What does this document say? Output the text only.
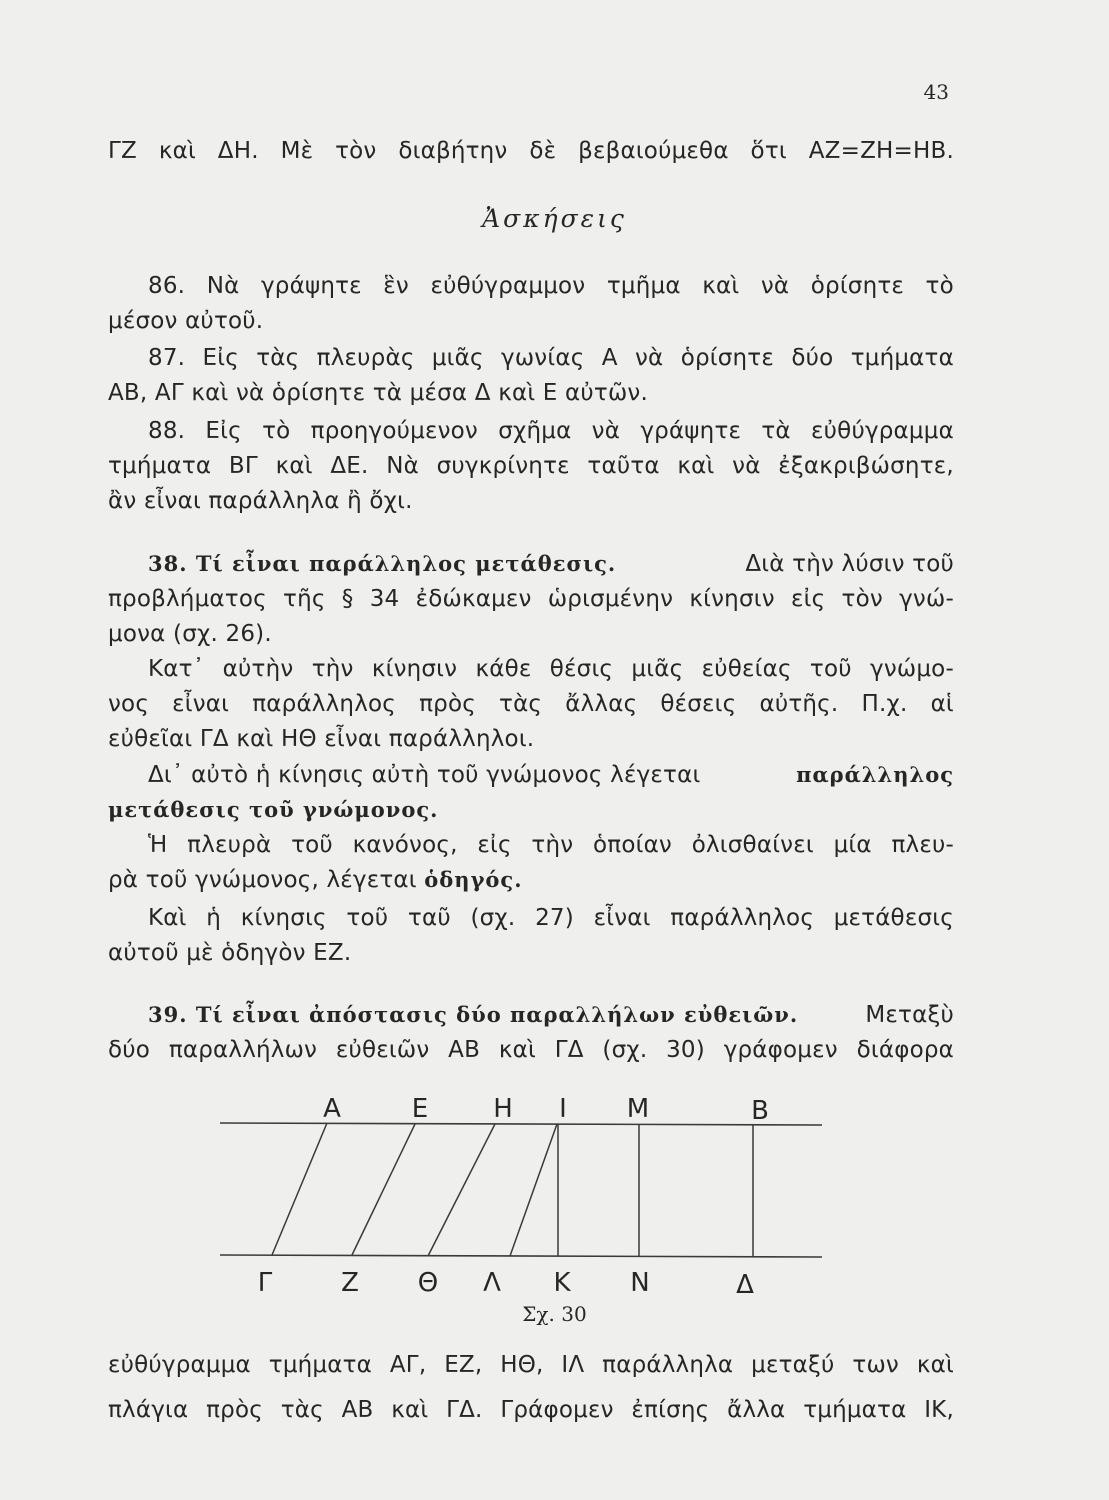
43
ΓΖ καὶ ΔΗ. Μὲ τὸν διαβήτην δὲ βεβαιούμεθα ὅτι ΑΖ=ΖΗ=ΗΒ.
Ἀσκήσεις
86. Νὰ γράψητε ἓν εὐθύγραμμον τμῆμα καὶ νὰ ὁρίσητε τὸ
μέσον αὐτοῦ.
87. Εἰς τὰς πλευρὰς μιᾶς γωνίας Α νὰ ὁρίσητε δύο τμήματα
ΑΒ, ΑΓ καὶ νὰ ὁρίσητε τὰ μέσα Δ καὶ Ε αὐτῶν.
88. Εἰς τὸ προηγούμενον σχῆμα νὰ γράψητε τὰ εὐθύγραμμα
τμήματα ΒΓ καὶ ΔΕ. Νὰ συγκρίνητε ταῦτα καὶ νὰ ἐξακριβώσητε,
ἂν εἶναι παράλληλα ἢ ὄχι.
38. Τί εἶναι παράλληλος μετάθεσις.	Διὰ τὴν λύσιν τοῦ
προβλήματος τῆς § 34 ἐδώκαμεν ὡρισμένην κίνησιν εἰς τὸν γνώ-
μονα (σχ. 26).
Κατ᾽ αὐτὴν τὴν κίνησιν κάθε θέσις μιᾶς εὐθείας τοῦ γνώμο-
νος εἶναι παράλληλος πρὸς τὰς ἄλλας θέσεις αὐτῆς. Π.χ. αἱ
εὐθεῖαι ΓΔ καὶ ΗΘ εἶναι παράλληλοι.
Δι᾽ αὐτὸ ἡ κίνησις αὐτὴ τοῦ γνώμονος λέγεται	παράλληλος
μετάθεσις τοῦ γνώμονος.
Ἡ πλευρὰ τοῦ κανόνος, εἰς τὴν ὁποίαν ὀλισθαίνει μία πλευ-
ρὰ τοῦ γνώμονος, λέγεται ὁδηγός.
Καὶ ἡ κίνησις τοῦ ταῦ (σχ. 27) εἶναι παράλληλος μετάθεσις
αὐτοῦ μὲ ὁδηγὸν ΕΖ.
39. Τί εἶναι ἀπόστασις δύο παραλλήλων εὐθειῶν.	Μεταξὺ
δύο παραλλήλων εὐθειῶν ΑΒ καὶ ΓΔ (σχ. 30) γράφομεν διάφορα
Α	Ε	Η Ι Μ	Β
Γ	Ζ Θ Λ Κ Ν	Δ
Σχ. 30
εὐθύγραμμα τμήματα ΑΓ, ΕΖ, ΗΘ, ΙΛ παράλληλα μεταξύ των καὶ
πλάγια πρὸς τὰς ΑΒ καὶ ΓΔ. Γράφομεν ἐπίσης ἄλλα τμήματα ΙΚ,
